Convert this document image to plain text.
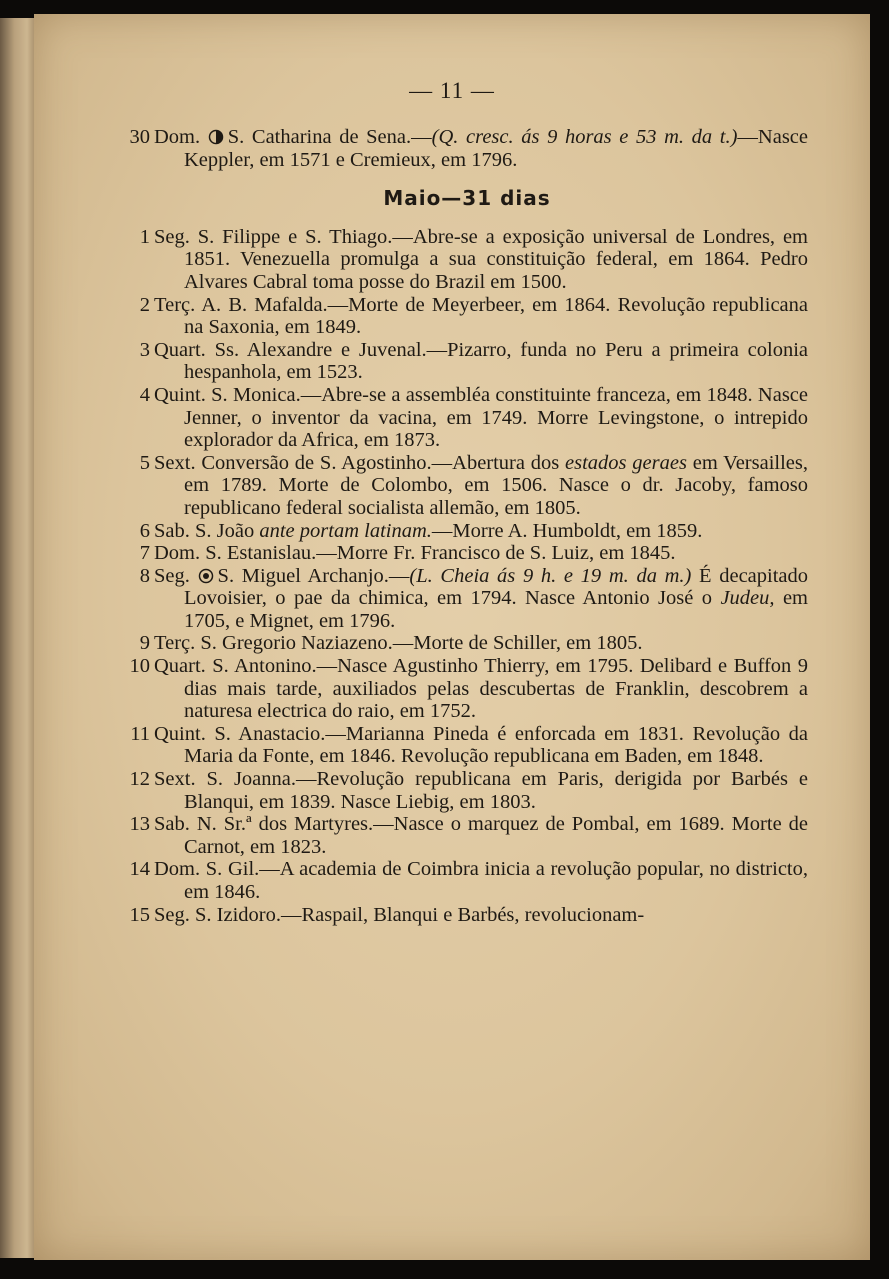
— 11 —

30 Dom. S. Catharina de Sena.—(Q. cresc. ás 9 horas e 53 m. da t.)—Nasce Keppler, em 1571 e Cremieux, em 1796.

Maio—31 dias

1 Seg. S. Filippe e S. Thiago.—Abre-se a exposição universal de Londres, em 1851. Venezuella promulga a sua constituição federal, em 1864. Pedro Alvares Cabral toma posse do Brazil em 1500.

2 Terç. A. B. Mafalda.—Morte de Meyerbeer, em 1864. Revolução republicana na Saxonia, em 1849.

3 Quart. Ss. Alexandre e Juvenal.—Pizarro, funda no Peru a primeira colonia hespanhola, em 1523.

4 Quint. S. Monica.—Abre-se a assembléa constituinte franceza, em 1848. Nasce Jenner, o inventor da vacina, em 1749. Morre Levingstone, o intrepido explorador da Africa, em 1873.

5 Sext. Conversão de S. Agostinho.—Abertura dos estados geraes em Versailles, em 1789. Morte de Colombo, em 1506. Nasce o dr. Jacoby, famoso republicano federal socialista allemão, em 1805.

6 Sab. S. João ante portam latinam.—Morre A. Humboldt, em 1859.

7 Dom. S. Estanislau.—Morre Fr. Francisco de S. Luiz, em 1845.

8 Seg. S. Miguel Archanjo.—(L. Cheia ás 9 h. e 19 m. da m.) É decapitado Lovoisier, o pae da chimica, em 1794. Nasce Antonio José o Judeu, em 1705, e Mignet, em 1796.

9 Terç. S. Gregorio Naziazeno.—Morte de Schiller, em 1805.

10 Quart. S. Antonino.—Nasce Agustinho Thierry, em 1795. Delibard e Buffon 9 dias mais tarde, auxiliados pelas descubertas de Franklin, descobrem a naturesa electrica do raio, em 1752.

11 Quint. S. Anastacio.—Marianna Pineda é enforcada em 1831. Revolução da Maria da Fonte, em 1846. Revolução republicana em Baden, em 1848.

12 Sext. S. Joanna.—Revolução republicana em Paris, derigida por Barbés e Blanqui, em 1839. Nasce Liebig, em 1803.

13 Sab. N. Sr.ª dos Martyres.—Nasce o marquez de Pombal, em 1689. Morte de Carnot, em 1823.

14 Dom. S. Gil.—A academia de Coimbra inicia a revolução popular, no districto, em 1846.

15 Seg. S. Izidoro.—Raspail, Blanqui e Barbés, revolucionam-
